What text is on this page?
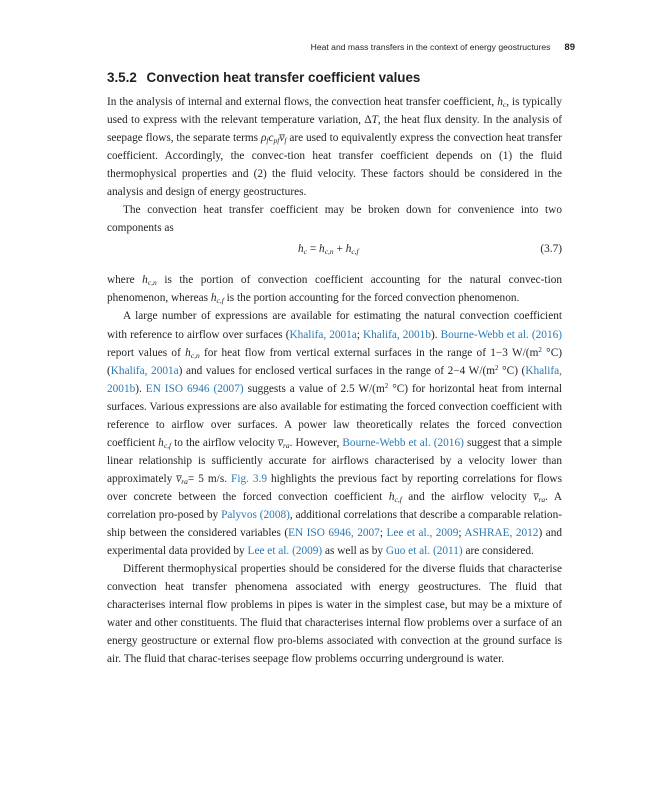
Heat and mass transfers in the context of energy geostructures 89
3.5.2 Convection heat transfer coefficient values

In the analysis of internal and external flows, the convection heat transfer coefficient, $h_c$, is typically used to express with the relevant temperature variation, ΔT, the heat flux density. In the analysis of seepage flows, the separate terms $\rho_fc_{pf}v̅_f$ are used to equivalently express the convection heat transfer coefficient. Accordingly, the convec-tion heat transfer coefficient depends on (1) the fluid thermophysical properties and (2) the fluid velocity. These factors should be considered in the analysis and design of energy geostructures.

The convection heat transfer coefficient may be broken down for convenience into two components as

$h_c = h_{c,n} + h_{c,f}$	(3.7)

where $h_{c,n}$ is the portion of convection coefficient accounting for the natural convec-tion phenomenon, whereas $h_{c,f}$ is the portion accounting for the forced convection phenomenon.

A large number of expressions are available for estimating the natural convection coefficient with reference to airflow over surfaces (Khalifa, 2001a; Khalifa, 2001b). Bourne-Webb et al. (2016) report values of $h_{c,n}$ for heat flow from vertical external surfaces in the range of 1−3 $W/(m^2$ °C) (Khalifa, 2001a) and values for enclosed vertical surfaces in the range of 2−4 $W/(m^2$ °C) (Khalifa, 2001b). EN ISO 6946 (2007) suggests a value of 2.5 $W/(m^2$ °C) for horizontal heat from internal surfaces. Various expressions are also available for estimating the forced convection coefficient with reference to airflow over surfaces. A power law theoretically relates the forced convection coefficient $h_{c,f}$ to the airflow velocity $v̅_{ra}$. However, Bourne-Webb et al. (2016) suggest that a simple linear relationship is sufficiently accurate for airflows characterised by a velocity lower than approximately $v̅_{ra}= 5$ m/s. Fig. 3.9 highlights the previous fact by reporting correlations for flows over concrete between the forced convection coefficient $h_{c,f}$ and the airflow velocity $v̅_{ra}$. A correlation pro-posed by Palyvos (2008), additional correlations that describe a comparable relation-ship between the considered variables (EN ISO 6946, 2007; Lee et al., 2009; ASHRAE, 2012) and experimental data provided by Lee et al. (2009) as well as by Guo et al. (2011) are considered.

Different thermophysical properties should be considered for the diverse fluids that characterise convection heat transfer phenomena associated with energy geostructures. The fluid that characterises internal flow problems in pipes is water in the simplest case, but may be a mixture of water and other constituents. The fluid that characterises internal flow problems over a surface of an energy geostructure or external flow pro-blems associated with convection at the ground surface is air. The fluid that charac-terises seepage flow problems occurring underground is water.
